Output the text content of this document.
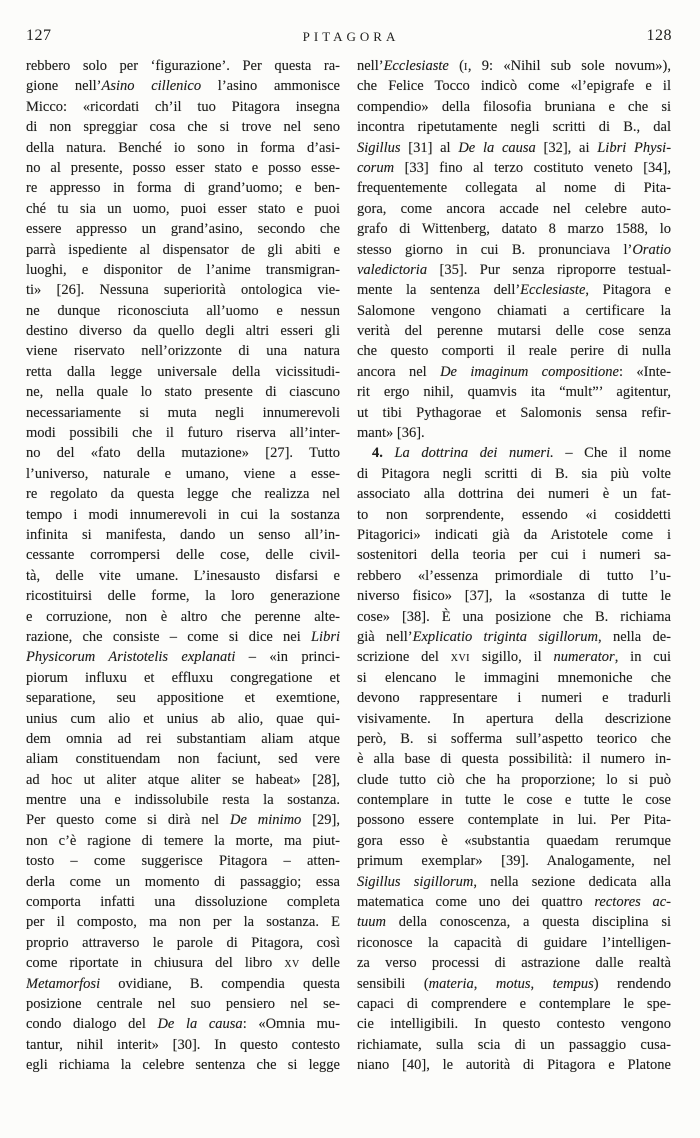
127	PITAGORA	128
rebbero solo per ‘figurazione’. Per questa ra-
gione nell’Asino cillenico l’asino ammonisce
Micco: «ricordati ch’il tuo Pitagora insegna
di non spreggiar cosa che si trove nel seno
della natura. Benché io sono in forma d’asi-
no al presente, posso esser stato e posso esse-
re appresso in forma di grand’uomo; e ben-
ché tu sia un uomo, puoi esser stato e puoi
essere appresso un grand’asino, secondo che
parrà ispediente al dispensator de gli abiti e
luoghi, e disponitor de l’anime transmigran-
ti» [26]. Nessuna superiorità ontologica vie-
ne dunque riconosciuta all’uomo e nessun
destino diverso da quello degli altri esseri gli
viene riservato nell’orizzonte di una natura
retta dalla legge universale della vicissitudi-
ne, nella quale lo stato presente di ciascuno
necessariamente si muta negli innumerevoli
modi possibili che il futuro riserva all’inter-
no del «fato della mutazione» [27]. Tutto
l’universo, naturale e umano, viene a esse-
re regolato da questa legge che realizza nel
tempo i modi innumerevoli in cui la sostanza
infinita si manifesta, dando un senso all’in-
cessante corrompersi delle cose, delle civil-
tà, delle vite umane. L’inesausto disfarsi e
ricostituirsi delle forme, la loro generazione
e corruzione, non è altro che perenne alte-
razione, che consiste – come si dice nei Libri
Physicorum Aristotelis explanati – «in princi-
piorum influxu et effluxu congregatione et
separatione, seu appositione et exemtione,
unius cum alio et unius ab alio, quae qui-
dem omnia ad rei substantiam aliam atque
aliam constituendam non faciunt, sed vere
ad hoc ut aliter atque aliter se habeat» [28],
mentre una e indissolubile resta la sostanza.
Per questo come si dirà nel De minimo [29],
non c’è ragione di temere la morte, ma piut-
tosto – come suggerisce Pitagora – atten-
derla come un momento di passaggio; essa
comporta infatti una dissoluzione completa
per il composto, ma non per la sostanza. E
proprio attraverso le parole di Pitagora, così
come riportate in chiusura del libro xv delle
Metamorfosi ovidiane, B. compendia questa
posizione centrale nel suo pensiero nel se-
condo dialogo del De la causa: «Omnia mu-
tantur, nihil interit» [30]. In questo contesto
egli richiama la celebre sentenza che si legge
nell’Ecclesiaste (i, 9: «Nihil sub sole novum»),
che Felice Tocco indicò come «l’epigrafe e il
compendio» della filosofia bruniana e che si
incontra ripetutamente negli scritti di B., dal
Sigillus [31] al De la causa [32], ai Libri Physi-
corum [33] fino al terzo costituto veneto [34],
frequentemente collegata al nome di Pita-
gora, come ancora accade nel celebre auto-
grafo di Wittenberg, datato 8 marzo 1588, lo
stesso giorno in cui B. pronunciava l’Oratio
valedictoria [35]. Pur senza riproporre testual-
mente la sentenza dell’Ecclesiaste, Pitagora e
Salomone vengono chiamati a certificare la
verità del perenne mutarsi delle cose senza
che questo comporti il reale perire di nulla
ancora nel De imaginum compositione: «Inte-
rit ergo nihil, quamvis ita “mult”’ agitentur,
ut tibi Pythagorae et Salomonis sensa refir-
mant» [36].
4. La dottrina dei numeri. – Che il nome
di Pitagora negli scritti di B. sia più volte
associato alla dottrina dei numeri è un fat-
to non sorprendente, essendo «i cosiddetti
Pitagorici» indicati già da Aristotele come i
sostenitori della teoria per cui i numeri sa-
rebbero «l’essenza primordiale di tutto l’u-
niverso fisico» [37], la «sostanza di tutte le
cose» [38]. È una posizione che B. richiama
già nell’Explicatio triginta sigillorum, nella de-
scrizione del xvi sigillo, il numerator, in cui
si elencano le immagini mnemoniche che
devono rappresentare i numeri e tradurli
visivamente. In apertura della descrizione
però, B. si sofferma sull’aspetto teorico che
è alla base di questa possibilità: il numero in-
clude tutto ciò che ha proporzione; lo si può
contemplare in tutte le cose e tutte le cose
possono essere contemplate in lui. Per Pita-
gora esso è «substantia quaedam rerumque
primum exemplar» [39]. Analogamente, nel
Sigillus sigillorum, nella sezione dedicata alla
matematica come uno dei quattro rectores ac-
tuum della conoscenza, a questa disciplina si
riconosce la capacità di guidare l’intelligen-
za verso processi di astrazione dalle realtà
sensibili (materia, motus, tempus) rendendo
capaci di comprendere e contemplare le spe-
cie intelligibili. In questo contesto vengono
richiamate, sulla scia di un passaggio cusa-
niano [40], le autorità di Pitagora e Platone
